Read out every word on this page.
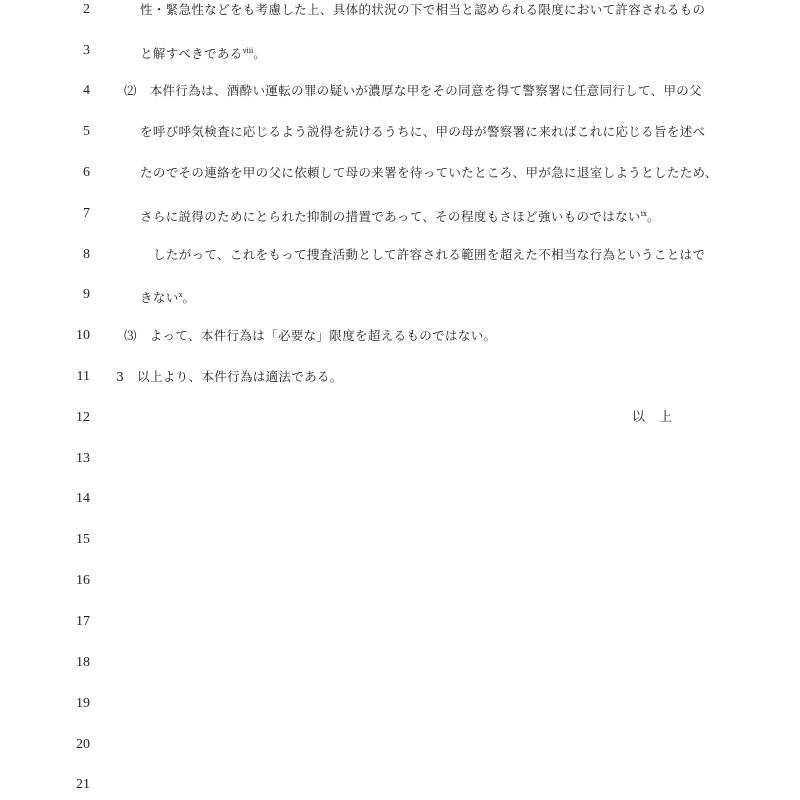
2	性・緊急性などをも考慮した上、具体的状況の下で相当と認められる限度において許容されるもの
3	と解すべきである$^{viii}$。
4	⑵　本件行為は、酒酔い運転の罪の疑いが濃厚な甲をその同意を得て警察署に任意同行して、甲の父
5	を呼び呼気検査に応じるよう説得を続けるうちに、甲の母が警察署に来ればこれに応じる旨を述べ
6	たのでその連絡を甲の父に依頼して母の来署を待っていたところ、甲が急に退室しようとしたため、
7	さらに説得のためにとられた抑制の措置であって、その程度もさほど強いものではない$^{ix}$。
8	したがって、これをもって捜査活動として許容される範囲を超えた不相当な行為ということはで
9	きない$^x$。
10	⑶　よって、本件行為は「必要な」限度を超えるものではない。
11 3　以上より、本件行為は適法である。
12	以上
13
14
15
16
17
18
19
20
21
